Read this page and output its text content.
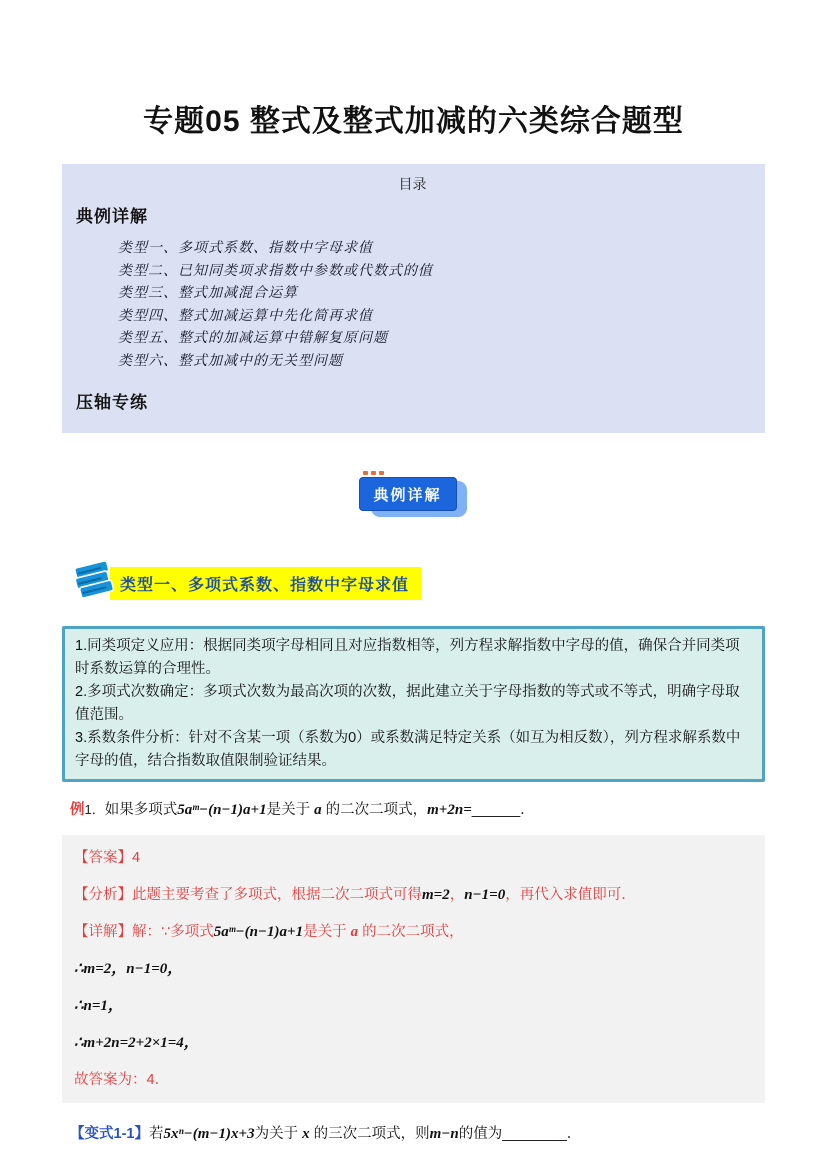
专题05 整式及整式加减的六类综合题型
目录
典例详解
类型一、多项式系数、指数中字母求值
类型二、已知同类项求指数中参数或代数式的值
类型三、整式加减混合运算
类型四、整式加减运算中先化简再求值
类型五、整式的加减运算中错解复原问题
类型六、整式加减中的无关型问题
压轴专练
典例详解
类型一、多项式系数、指数中字母求值

1.同类项定义应用：根据同类项字母相同且对应指数相等，列方程求解指数中字母的值，确保合并同类项时系数运算的合理性。

2.多项式次数确定：多项式次数为最高次项的次数，据此建立关于字母指数的等式或不等式，明确字母取值范围。

3.系数条件分析：针对不含某一项（系数为0）或系数满足特定关系（如互为相反数），列方程求解系数中字母的值，结合指数取值限制验证结果。

例1．如果多项式5aᵐ−(n−1)a+1是关于 a 的二次二项式，m+2n=______．

【答案】4

【分析】此题主要考查了多项式，根据二次二项式可得m=2，n−1=0，再代入求值即可．

【详解】解：∵多项式5aᵐ−(n−1)a+1是关于 a 的二次二项式，

∴m=2，n−1=0，

∴n=1，

∴m+2n=2+2×1=4，

故答案为：4．

【变式1-1】若5xⁿ−(m−1)x+3为关于 x 的三次二项式，则m−n的值为________．
